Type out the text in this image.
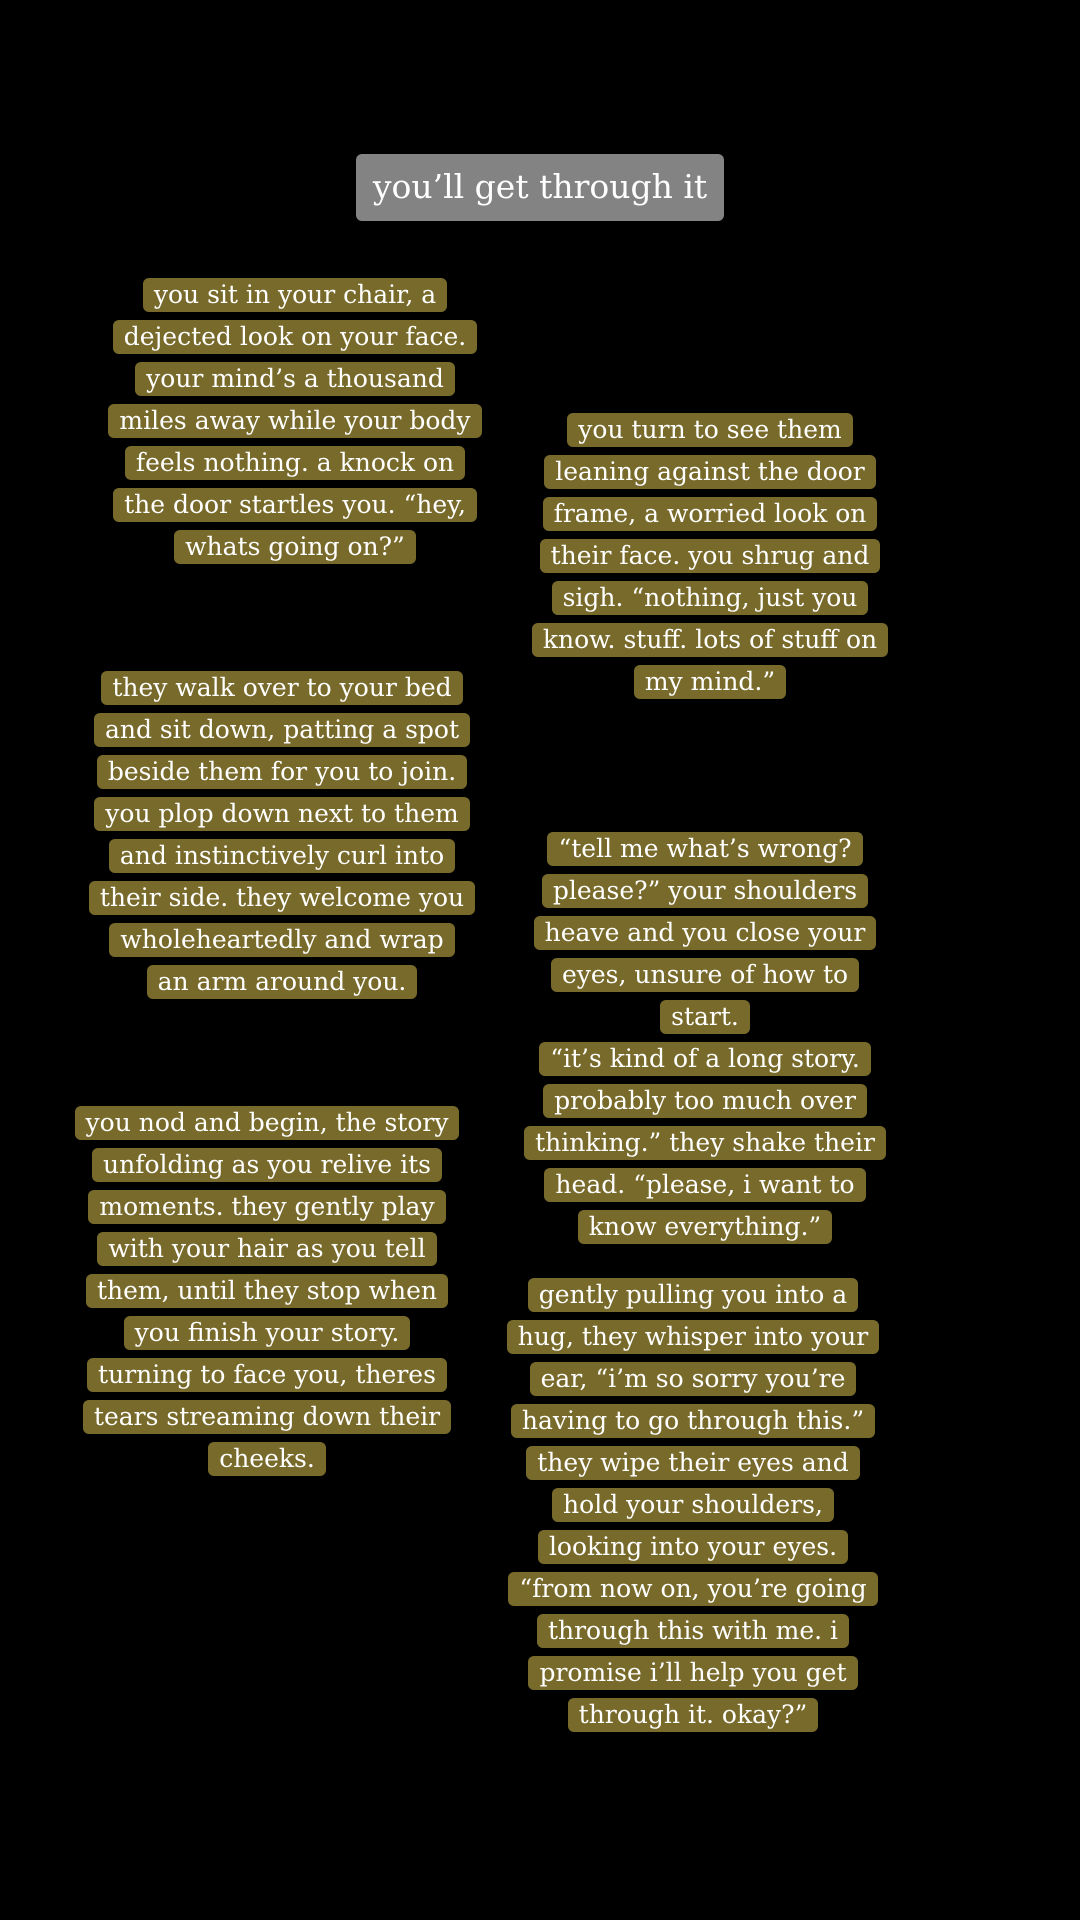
you’ll get through it
you sit in your chair, a
dejected look on your face.
your mind’s a thousand
miles away while your body
feels nothing. a knock on
the door startles you. “hey,
whats going on?”
you turn to see them
leaning against the door
frame, a worried look on
their face. you shrug and
sigh. “nothing, just you
know. stuff. lots of stuff on
my mind.”
they walk over to your bed
and sit down, patting a spot
beside them for you to join.
you plop down next to them
and instinctively curl into
their side. they welcome you
wholeheartedly and wrap
an arm around you.
“tell me what’s wrong?
please?” your shoulders
heave and you close your
eyes, unsure of how to start.
“it’s kind of a long story.
probably too much over
thinking.” they shake their
head. “please, i want to
know everything.”
you nod and begin, the story
unfolding as you relive its
moments. they gently play
with your hair as you tell
them, until they stop when
you finish your story.
turning to face you, theres
tears streaming down their
cheeks.
gently pulling you into a
hug, they whisper into your
ear, “i’m so sorry you’re
having to go through this.”
they wipe their eyes and
hold your shoulders,
looking into your eyes.
“from now on, you’re going
through this with me. i
promise i’ll help you get
through it. okay?”
